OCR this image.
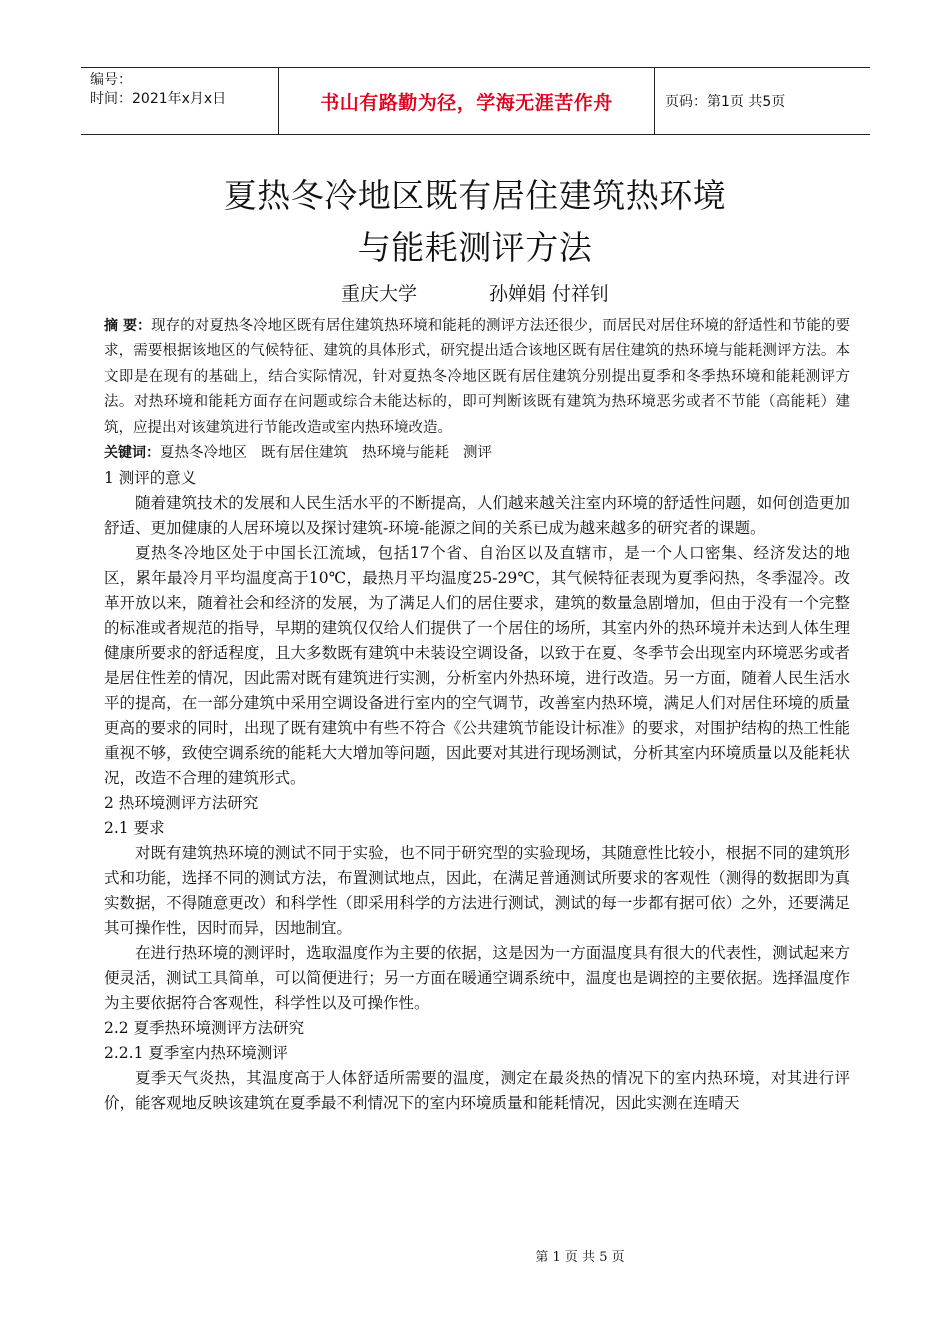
编号：
时间：2021年x月x日	书山有路勤为径，学海无涯苦作舟	页码：第1页 共5页
夏热冬冷地区既有居住建筑热环境
与能耗测评方法
重庆大学	孙婵娟 付祥钊

摘 要：现存的对夏热冬冷地区既有居住建筑热环境和能耗的测评方法还很少，而居民对居住环境的舒适性和节能的要求，需要根据该地区的气候特征、建筑的具体形式，研究提出适合该地区既有居住建筑的热环境与能耗测评方法。本文即是在现有的基础上，结合实际情况，针对夏热冬冷地区既有居住建筑分别提出夏季和冬季热环境和能耗测评方法。对热环境和能耗方面存在问题或综合未能达标的，即可判断该既有建筑为热环境恶劣或者不节能（高能耗）建筑，应提出对该建筑进行节能改造或室内热环境改造。

关键词：夏热冬冷地区 既有居住建筑 热环境与能耗 测评

1 测评的意义

随着建筑技术的发展和人民生活水平的不断提高，人们越来越关注室内环境的舒适性问题，如何创造更加舒适、更加健康的人居环境以及探讨建筑-环境-能源之间的关系已成为越来越多的研究者的课题。

夏热冬冷地区处于中国长江流域，包括17个省、自治区以及直辖市，是一个人口密集、经济发达的地区，累年最冷月平均温度高于10℃，最热月平均温度25-29℃，其气候特征表现为夏季闷热，冬季湿冷。改革开放以来，随着社会和经济的发展，为了满足人们的居住要求，建筑的数量急剧增加，但由于没有一个完整的标准或者规范的指导，早期的建筑仅仅给人们提供了一个居住的场所，其室内外的热环境并未达到人体生理健康所要求的舒适程度，且大多数既有建筑中未装设空调设备，以致于在夏、冬季节会出现室内环境恶劣或者是居住性差的情况，因此需对既有建筑进行实测，分析室内外热环境，进行改造。另一方面，随着人民生活水平的提高，在一部分建筑中采用空调设备进行室内的空气调节，改善室内热环境，满足人们对居住环境的质量更高的要求的同时，出现了既有建筑中有些不符合《公共建筑节能设计标准》的要求，对围护结构的热工性能重视不够，致使空调系统的能耗大大增加等问题，因此要对其进行现场测试，分析其室内环境质量以及能耗状况，改造不合理的建筑形式。

2 热环境测评方法研究

2.1 要求

对既有建筑热环境的测试不同于实验，也不同于研究型的实验现场，其随意性比较小，根据不同的建筑形式和功能，选择不同的测试方法，布置测试地点，因此，在满足普通测试所要求的客观性（测得的数据即为真实数据，不得随意更改）和科学性（即采用科学的方法进行测试，测试的每一步都有据可依）之外，还要满足其可操作性，因时而异，因地制宜。

在进行热环境的测评时，选取温度作为主要的依据，这是因为一方面温度具有很大的代表性，测试起来方便灵活，测试工具简单，可以简便进行；另一方面在暖通空调系统中，温度也是调控的主要依据。选择温度作为主要依据符合客观性，科学性以及可操作性。

2.2 夏季热环境测评方法研究

2.2.1 夏季室内热环境测评

夏季天气炎热，其温度高于人体舒适所需要的温度，测定在最炎热的情况下的室内热环境，对其进行评价，能客观地反映该建筑在夏季最不利情况下的室内环境质量和能耗情况，因此实测在连晴天

第 1 页 共 5 页
